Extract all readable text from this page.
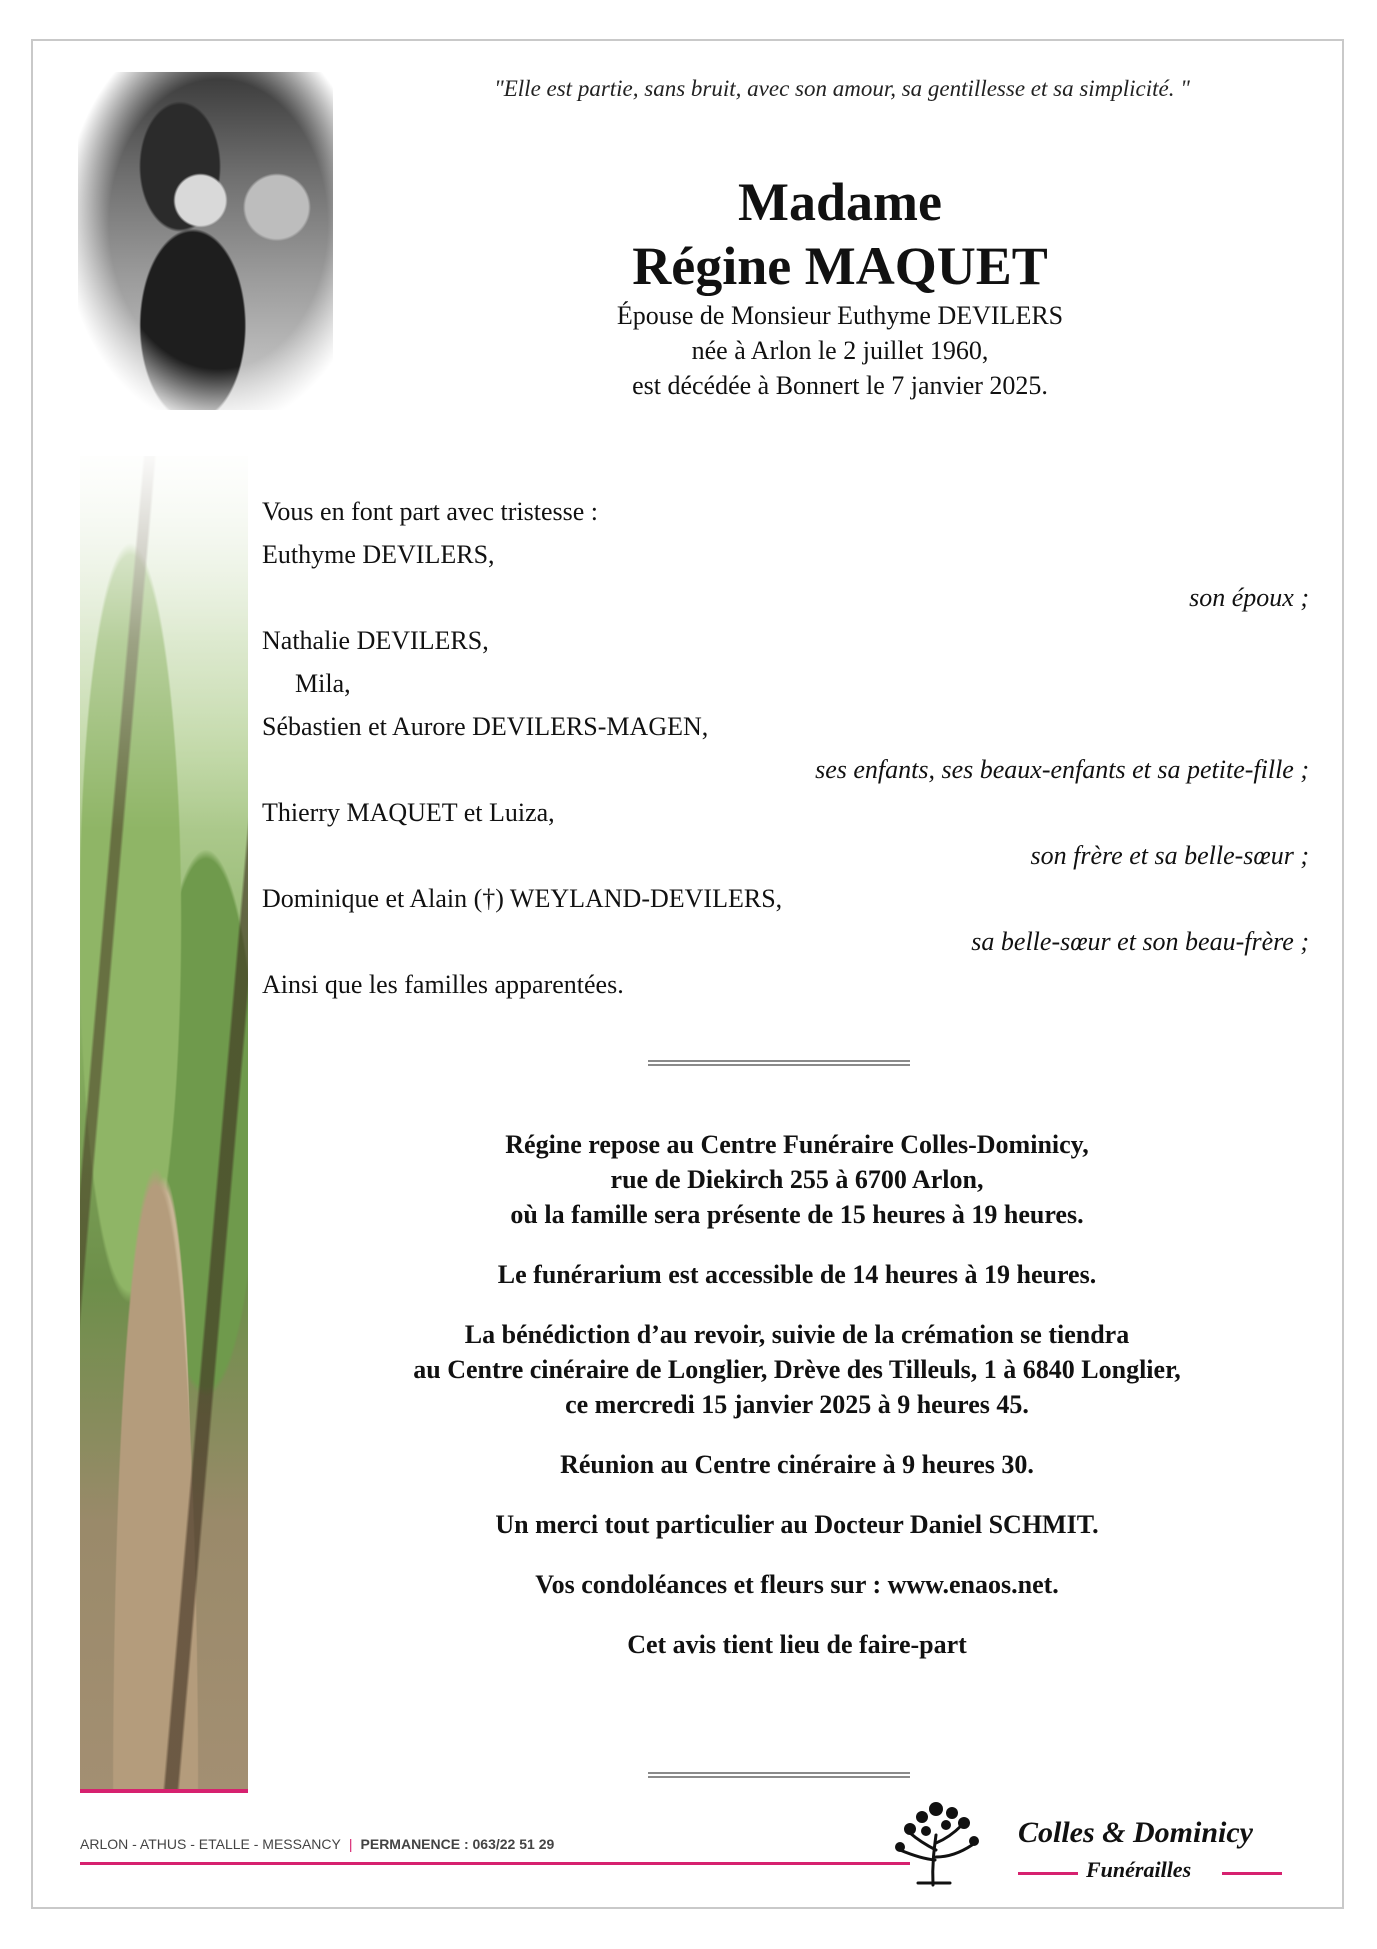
"Elle est partie, sans bruit, avec son amour, sa gentillesse et sa simplicité. "
Madame
Régine MAQUET
Épouse de Monsieur Euthyme DEVILERS
née à Arlon le 2 juillet 1960,
est décédée à Bonnert le 7 janvier 2025.
Vous en font part avec tristesse :
Euthyme DEVILERS,
son époux ;
Nathalie DEVILERS,
Mila,
Sébastien et Aurore DEVILERS-MAGEN,
ses enfants, ses beaux-enfants et sa petite-fille ;
Thierry MAQUET et Luiza,
son frère et sa belle-sœur ;
Dominique et Alain (†) WEYLAND-DEVILERS,
sa belle-sœur et son beau-frère ;
Ainsi que les familles apparentées.
Régine repose au Centre Funéraire Colles-Dominicy,
rue de Diekirch 255 à 6700 Arlon,
où la famille sera présente de 15 heures à 19 heures.
Le funérarium est accessible de 14 heures à 19 heures.
La bénédiction d’au revoir, suivie de la crémation se tiendra
au Centre cinéraire de Longlier, Drève des Tilleuls, 1 à 6840 Longlier,
ce mercredi 15 janvier 2025 à 9 heures 45.
Réunion au Centre cinéraire à 9 heures 30.
Un merci tout particulier au Docteur Daniel SCHMIT.
Vos condoléances et fleurs sur : www.enaos.net.
Cet avis tient lieu de faire-part
ARLON - ATHUS - ETALLE - MESSANCY | PERMANENCE : 063/22 51 29	Colles & Dominicy
Funérailles
